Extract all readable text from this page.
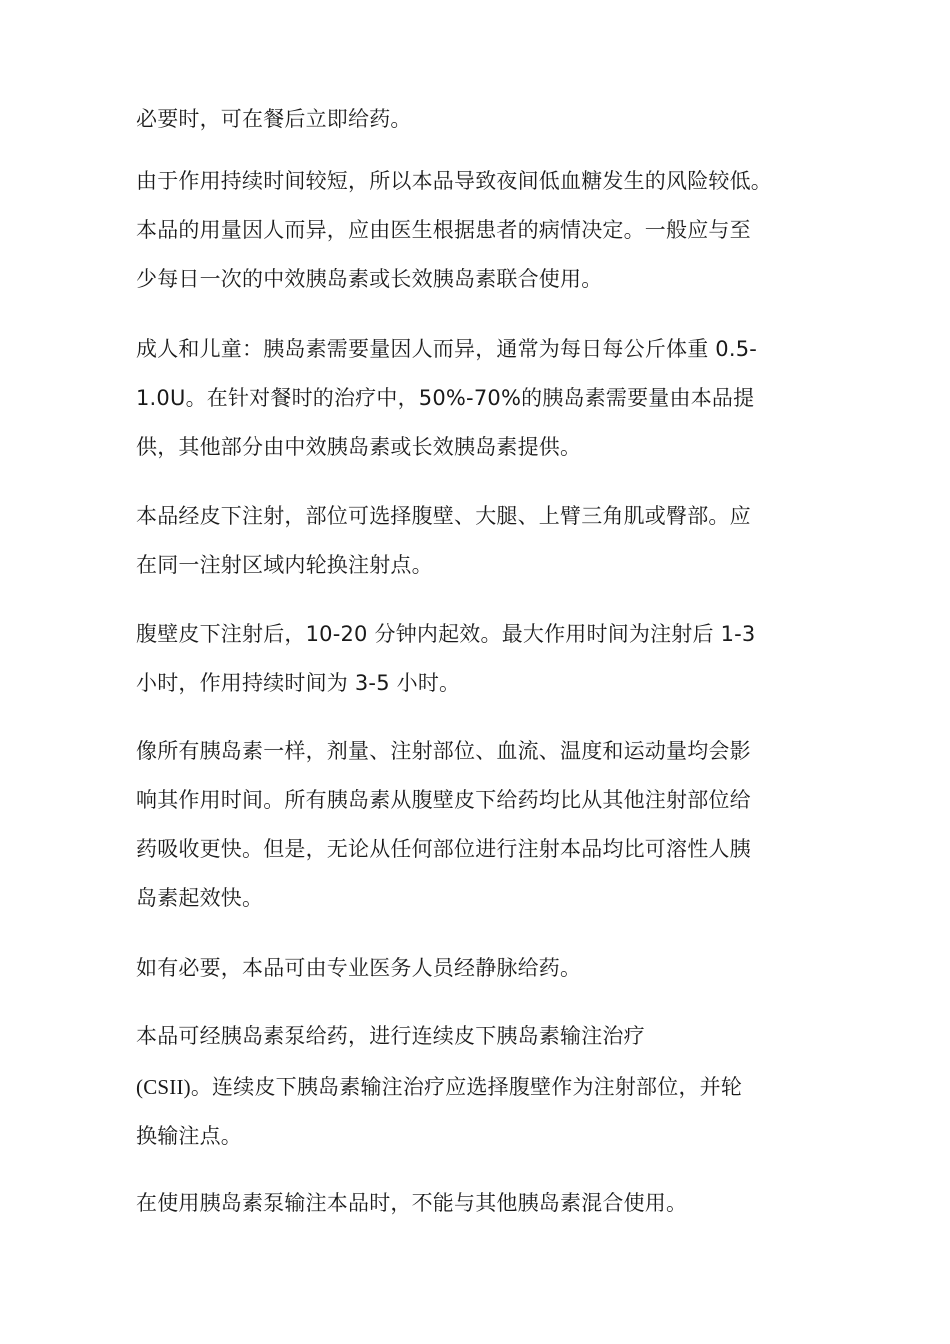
必要时，可在餐后立即给药。
由于作用持续时间较短，所以本品导致夜间低血糖发生的风险较低。
本品的用量因人而异，应由医生根据患者的病情决定。一般应与至
少每日一次的中效胰岛素或长效胰岛素联合使用。
成人和儿童：胰岛素需要量因人而异，通常为每日每公斤体重 0.5-
1.0U。在针对餐时的治疗中，50%-70%的胰岛素需要量由本品提
供，其他部分由中效胰岛素或长效胰岛素提供。
本品经皮下注射，部位可选择腹壁、大腿、上臂三角肌或臀部。应
在同一注射区域内轮换注射点。
腹壁皮下注射后，10-20 分钟内起效。最大作用时间为注射后 1-3
小时，作用持续时间为 3-5 小时。
像所有胰岛素一样，剂量、注射部位、血流、温度和运动量均会影
响其作用时间。所有胰岛素从腹壁皮下给药均比从其他注射部位给
药吸收更快。但是，无论从任何部位进行注射本品均比可溶性人胰
岛素起效快。
如有必要，本品可由专业医务人员经静脉给药。
本品可经胰岛素泵给药，进行连续皮下胰岛素输注治疗
(CSII)。连续皮下胰岛素输注治疗应选择腹壁作为注射部位，并轮
换输注点。
在使用胰岛素泵输注本品时，不能与其他胰岛素混合使用。
